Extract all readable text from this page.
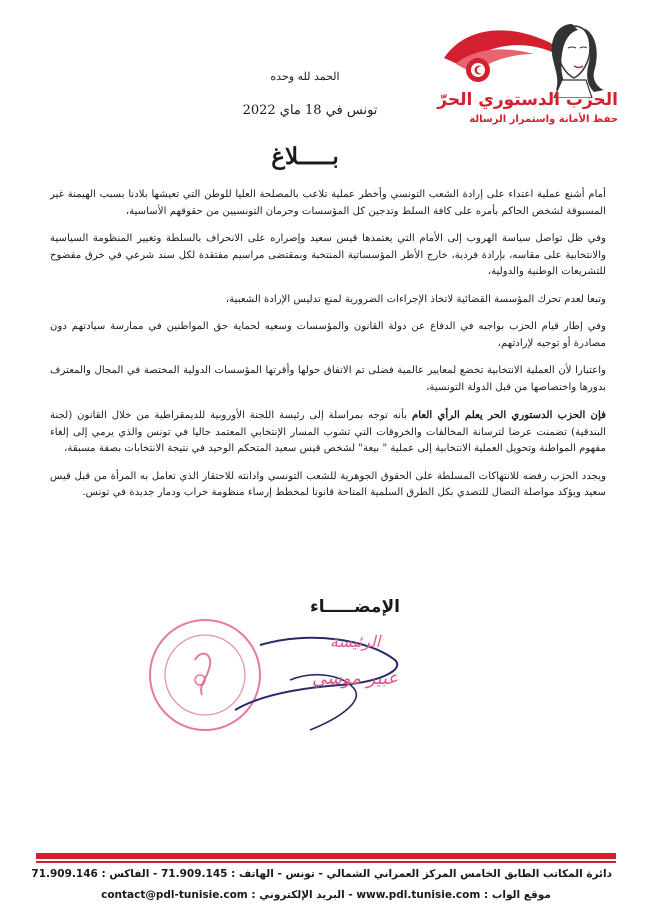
الحزب الدستوري الحرّ
حفظ الأمانة واستمرار الرسالة
الحمد لله وحده
تونس في 18 ماي 2022
بـــــلاغ

أمام أشنع عملية اعتداء على إرادة الشعب التونسي وأخطر عملية تلاعب بالمصلحة العليا للوطن التي تعيشها بلادنا بسبب الهيمنة غير المسبوقة لشخص الحاكم بأمره على كافة السلط وتدجين كل المؤسسات وحرمان التونسيين من حقوقهم الأساسية،

وفي ظل تواصل سياسة الهروب إلى الأمام التي يعتمدها قيس سعيد وإصراره على الانحراف بالسلطة وتغيير المنظومة السياسية والانتخابية على مقاسه، بإرادة فردية، خارج الأطر المؤسساتية المنتخبة وبمقتضى مراسيم مفتقدة لكل سند شرعي في خرق مفضوح للتشريعات الوطنية والدولية،

وتبعا لعدم تحرك المؤسسة القضائية لاتخاذ الإجراءات الضرورية لمنع تدليس الإرادة الشعبية،

وفي إطار قيام الحزب بواجبه في الدفاع عن دولة القانون والمؤسسات وسعيه لحماية حق المواطنين في ممارسة سيادتهم دون مصادرة أو توجيه لإرادتهم،

واعتبارا لأن العملية الانتخابية تخضع لمعايير عالمية فضلى تم الاتفاق حولها وأقرتها المؤسسات الدولية المختصة في المجال والمعترف بدورها واختصاصها من قبل الدولة التونسية،

فإن الحزب الدستوري الحر يعلم الرأي العام بأنه توجه بمراسلة إلى رئيسة اللجنة الأوروبية للديمقراطية من خلال القانون (لجنة البندقية) تضمنت عرضا لترسانة المخالفات والخروقات التي تشوب المسار الإنتخابي المعتمد حاليا في تونس والذي يرمي إلى إلغاء مفهوم المواطنة وتحويل العملية الانتخابية إلى عملية " بيعة" لشخص قيس سعيد المتحكم الوحيد في نتيجة الانتخابات بصفة مسبقة،

ويجدد الحزب رفضه للانتهاكات المسلطة على الحقوق الجوهرية للشعب التونسي وادانته للاحتقار الذي تعامل به المرأة من قبل قيس سعيد ويؤكد مواصلة النضال للتصدي بكل الطرق السلمية المتاحة قانونا لمخطط إرساء منظومة خراب ودمار جديدة في تونس.

الإمضـــــاء
الرئيسة
عبير موسي
دائرة المكاتب الطابق الخامس المركز العمراني الشمالي - تونس - الهاتف : 71.909.145 - الفاكس : 71.909.146
موقع الواب : www.pdl.tunisie.com - البريد الإلكتروني : contact@pdl-tunisie.com
